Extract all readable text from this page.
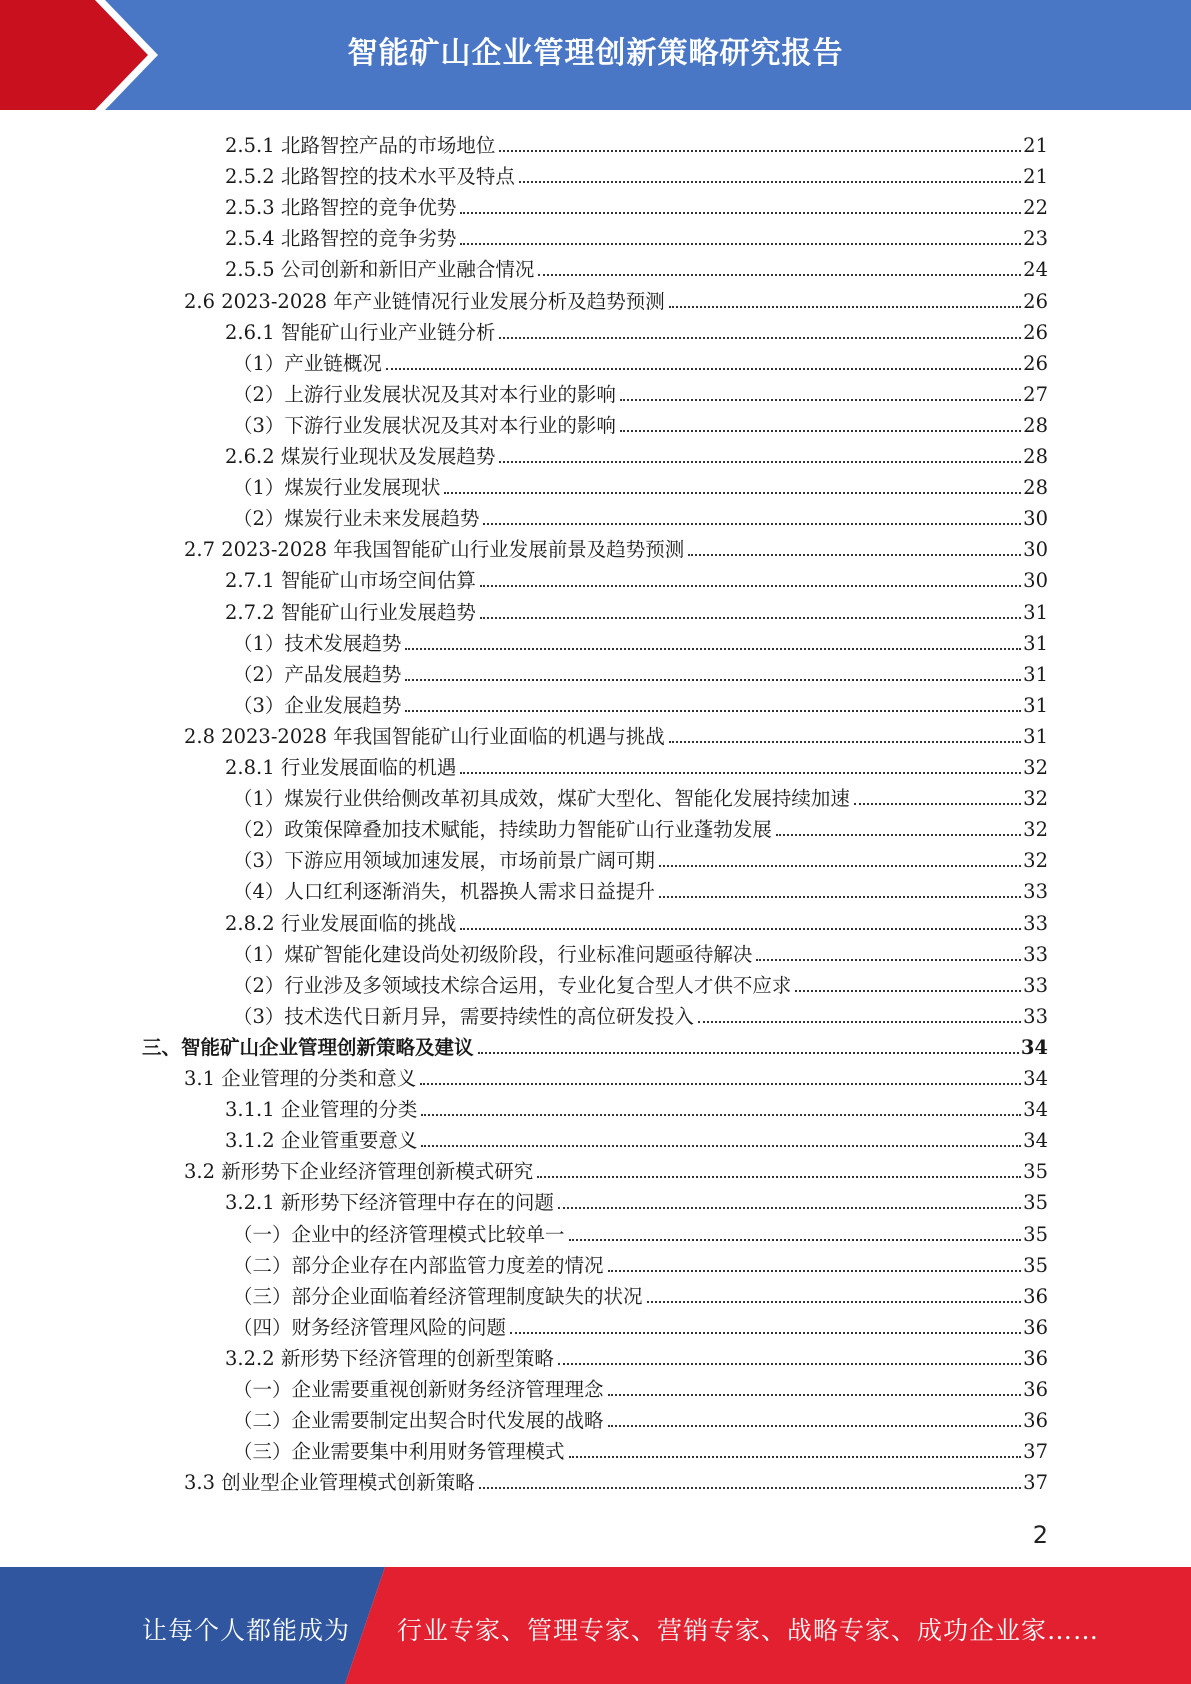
智能矿山企业管理创新策略研究报告
2.5.1 北路智控产品的市场地位	21
2.5.2 北路智控的技术水平及特点	21
2.5.3 北路智控的竞争优势	22
2.5.4 北路智控的竞争劣势	23
2.5.5 公司创新和新旧产业融合情况	24
2.6 2023-2028 年产业链情况行业发展分析及趋势预测	26
2.6.1 智能矿山行业产业链分析	26
（1）产业链概况	26
（2）上游行业发展状况及其对本行业的影响	27
（3）下游行业发展状况及其对本行业的影响	28
2.6.2 煤炭行业现状及发展趋势	28
（1）煤炭行业发展现状	28
（2）煤炭行业未来发展趋势	30
2.7 2023-2028 年我国智能矿山行业发展前景及趋势预测	30
2.7.1 智能矿山市场空间估算	30
2.7.2 智能矿山行业发展趋势	31
（1）技术发展趋势	31
（2）产品发展趋势	31
（3）企业发展趋势	31
2.8 2023-2028 年我国智能矿山行业面临的机遇与挑战	31
2.8.1 行业发展面临的机遇	32
（1）煤炭行业供给侧改革初具成效，煤矿大型化、智能化发展持续加速	32
（2）政策保障叠加技术赋能，持续助力智能矿山行业蓬勃发展	32
（3）下游应用领域加速发展，市场前景广阔可期	32
（4）人口红利逐渐消失，机器换人需求日益提升	33
2.8.2 行业发展面临的挑战	33
（1）煤矿智能化建设尚处初级阶段，行业标准问题亟待解决	33
（2）行业涉及多领域技术综合运用，专业化复合型人才供不应求	33
（3）技术迭代日新月异，需要持续性的高位研发投入	33
三、智能矿山企业管理创新策略及建议	34
3.1 企业管理的分类和意义	34
3.1.1 企业管理的分类	34
3.1.2 企业管重要意义	34
3.2 新形势下企业经济管理创新模式研究	35
3.2.1 新形势下经济管理中存在的问题	35
（一）企业中的经济管理模式比较单一	35
（二）部分企业存在内部监管力度差的情况	35
（三）部分企业面临着经济管理制度缺失的状况	36
（四）财务经济管理风险的问题	36
3.2.2 新形势下经济管理的创新型策略	36
（一）企业需要重视创新财务经济管理理念	36
（二）企业需要制定出契合时代发展的战略	36
（三）企业需要集中利用财务管理模式	37
3.3 创业型企业管理模式创新策略	37
2
让每个人都能成为 行业专家、管理专家、营销专家、战略专家、成功企业家……
